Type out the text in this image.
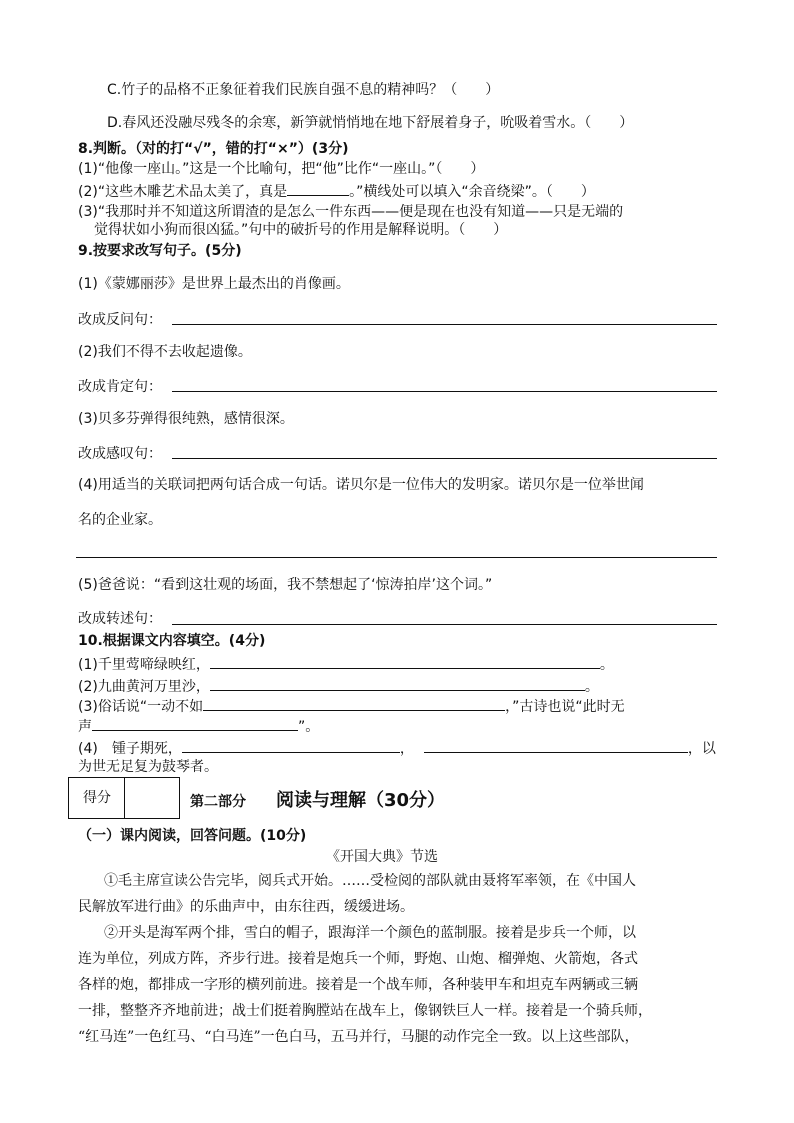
C.竹子的品格不正象征着我们民族自强不息的精神吗？（　　）
D.春风还没融尽残冬的余寒，新笋就悄悄地在地下舒展着身子，吮吸着雪水。（　　）
8.判断。（对的打“√”，错的打“×”）(3分)
(1)“他像一座山。”这是一个比喻句，把“他”比作“一座山。”（　　）
(2)“这些木雕艺术品太美了，真是	。”横线处可以填入“余音绕梁”。（　　）
(3)“我那时并不知道这所谓渣的是怎么一件东西——便是现在也没有知道——只是无端的
觉得状如小狗而很凶猛。”句中的破折号的作用是解释说明。（　　）
9.按要求改写句子。(5分)
(1)《蒙娜丽莎》是世界上最杰出的肖像画。
改成反问句：
(2)我们不得不去收起遗像。
改成肯定句：
(3)贝多芬弹得很纯熟，感情很深。
改成感叹句：
(4)用适当的关联词把两句话合成一句话。诺贝尔是一位伟大的发明家。诺贝尔是一位举世闻
名的企业家。
(5)爸爸说：“看到这壮观的场面，我不禁想起了‘惊涛拍岸’这个词。”
改成转述句：
10.根据课文内容填空。(4分)
(1)千里莺啼绿映红，	。
(2)九曲黄河万里沙，	。
(3)俗话说“一动不如	，”古诗也说“此时无
声	”。
(4)　锺子期死，	，	，以
为世无足复为鼓琴者。
得分	第二部分 阅读与理解（30分）
（一）课内阅读，回答问题。(10分)
《开国大典》节选
①毛主席宣读公告完毕，阅兵式开始。……受检阅的部队就由聂将军率领，在《中国人
民解放军进行曲》的乐曲声中，由东往西，缓缓进场。
②开头是海军两个排，雪白的帽子，跟海洋一个颜色的蓝制服。接着是步兵一个师，以
连为单位，列成方阵，齐步行进。接着是炮兵一个师，野炮、山炮、榴弹炮、火箭炮，各式
各样的炮，都排成一字形的横列前进。接着是一个战车师，各种装甲车和坦克车两辆或三辆
一排，整整齐齐地前进；战士们挺着胸膛站在战车上，像钢铁巨人一样。接着是一个骑兵师，
“红马连”一色红马、“白马连”一色白马，五马并行，马腿的动作完全一致。以上这些部队，
